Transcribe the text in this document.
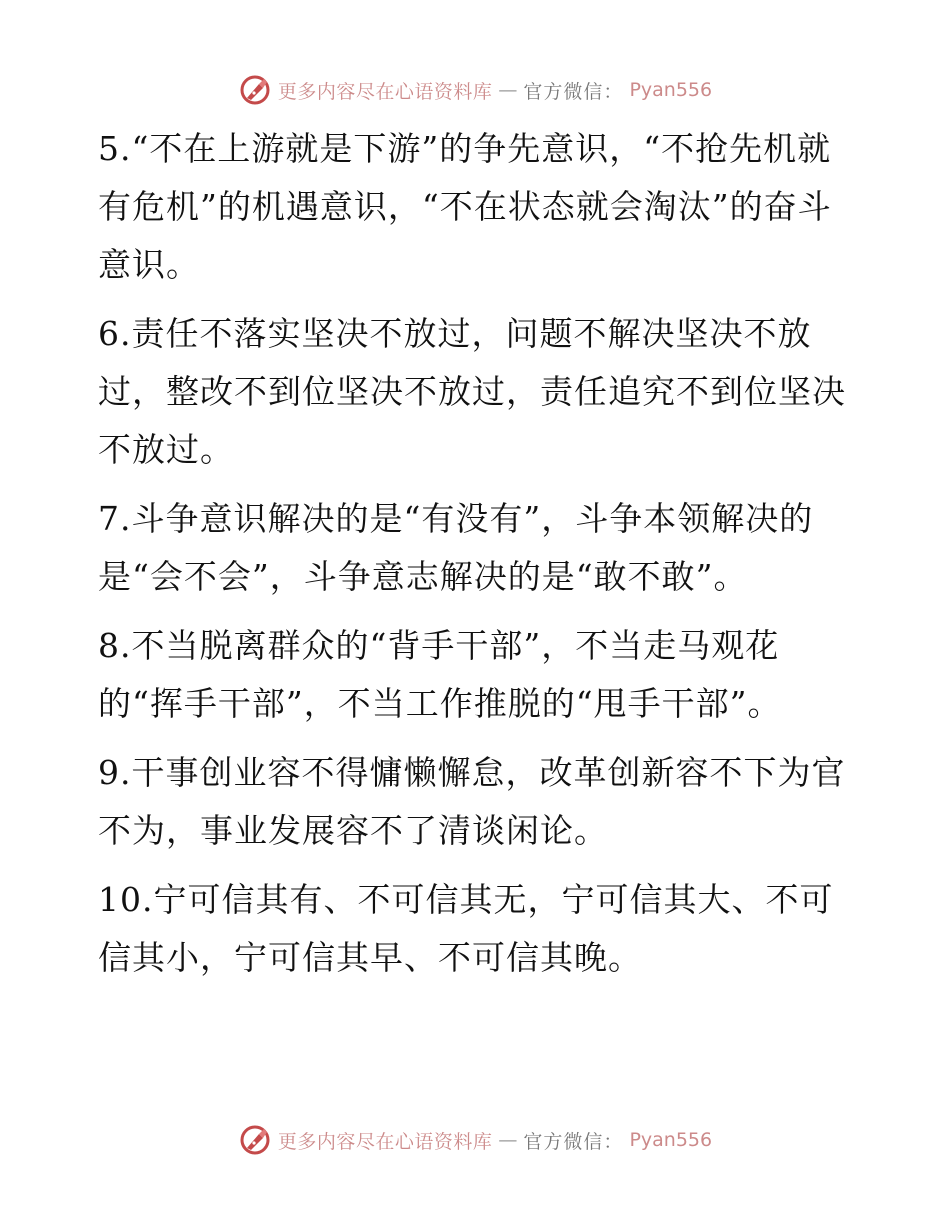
更多内容尽在心语资料库 — 官方微信： Pyan556

5.“不在上游就是下游”的争先意识，“不抢先机就有危机”的机遇意识，“不在状态就会淘汰”的奋斗意识。

6.责任不落实坚决不放过，问题不解决坚决不放过，整改不到位坚决不放过，责任追究不到位坚决不放过。

7.斗争意识解决的是“有没有”，斗争本领解决的是“会不会”，斗争意志解决的是“敢不敢”。

8.不当脱离群众的“背手干部”，不当走马观花的“挥手干部”，不当工作推脱的“甩手干部”。

9.干事创业容不得慵懒懈怠，改革创新容不下为官不为，事业发展容不了清谈闲论。

10.宁可信其有、不可信其无，宁可信其大、不可信其小，宁可信其早、不可信其晚。

更多内容尽在心语资料库 — 官方微信： Pyan556
